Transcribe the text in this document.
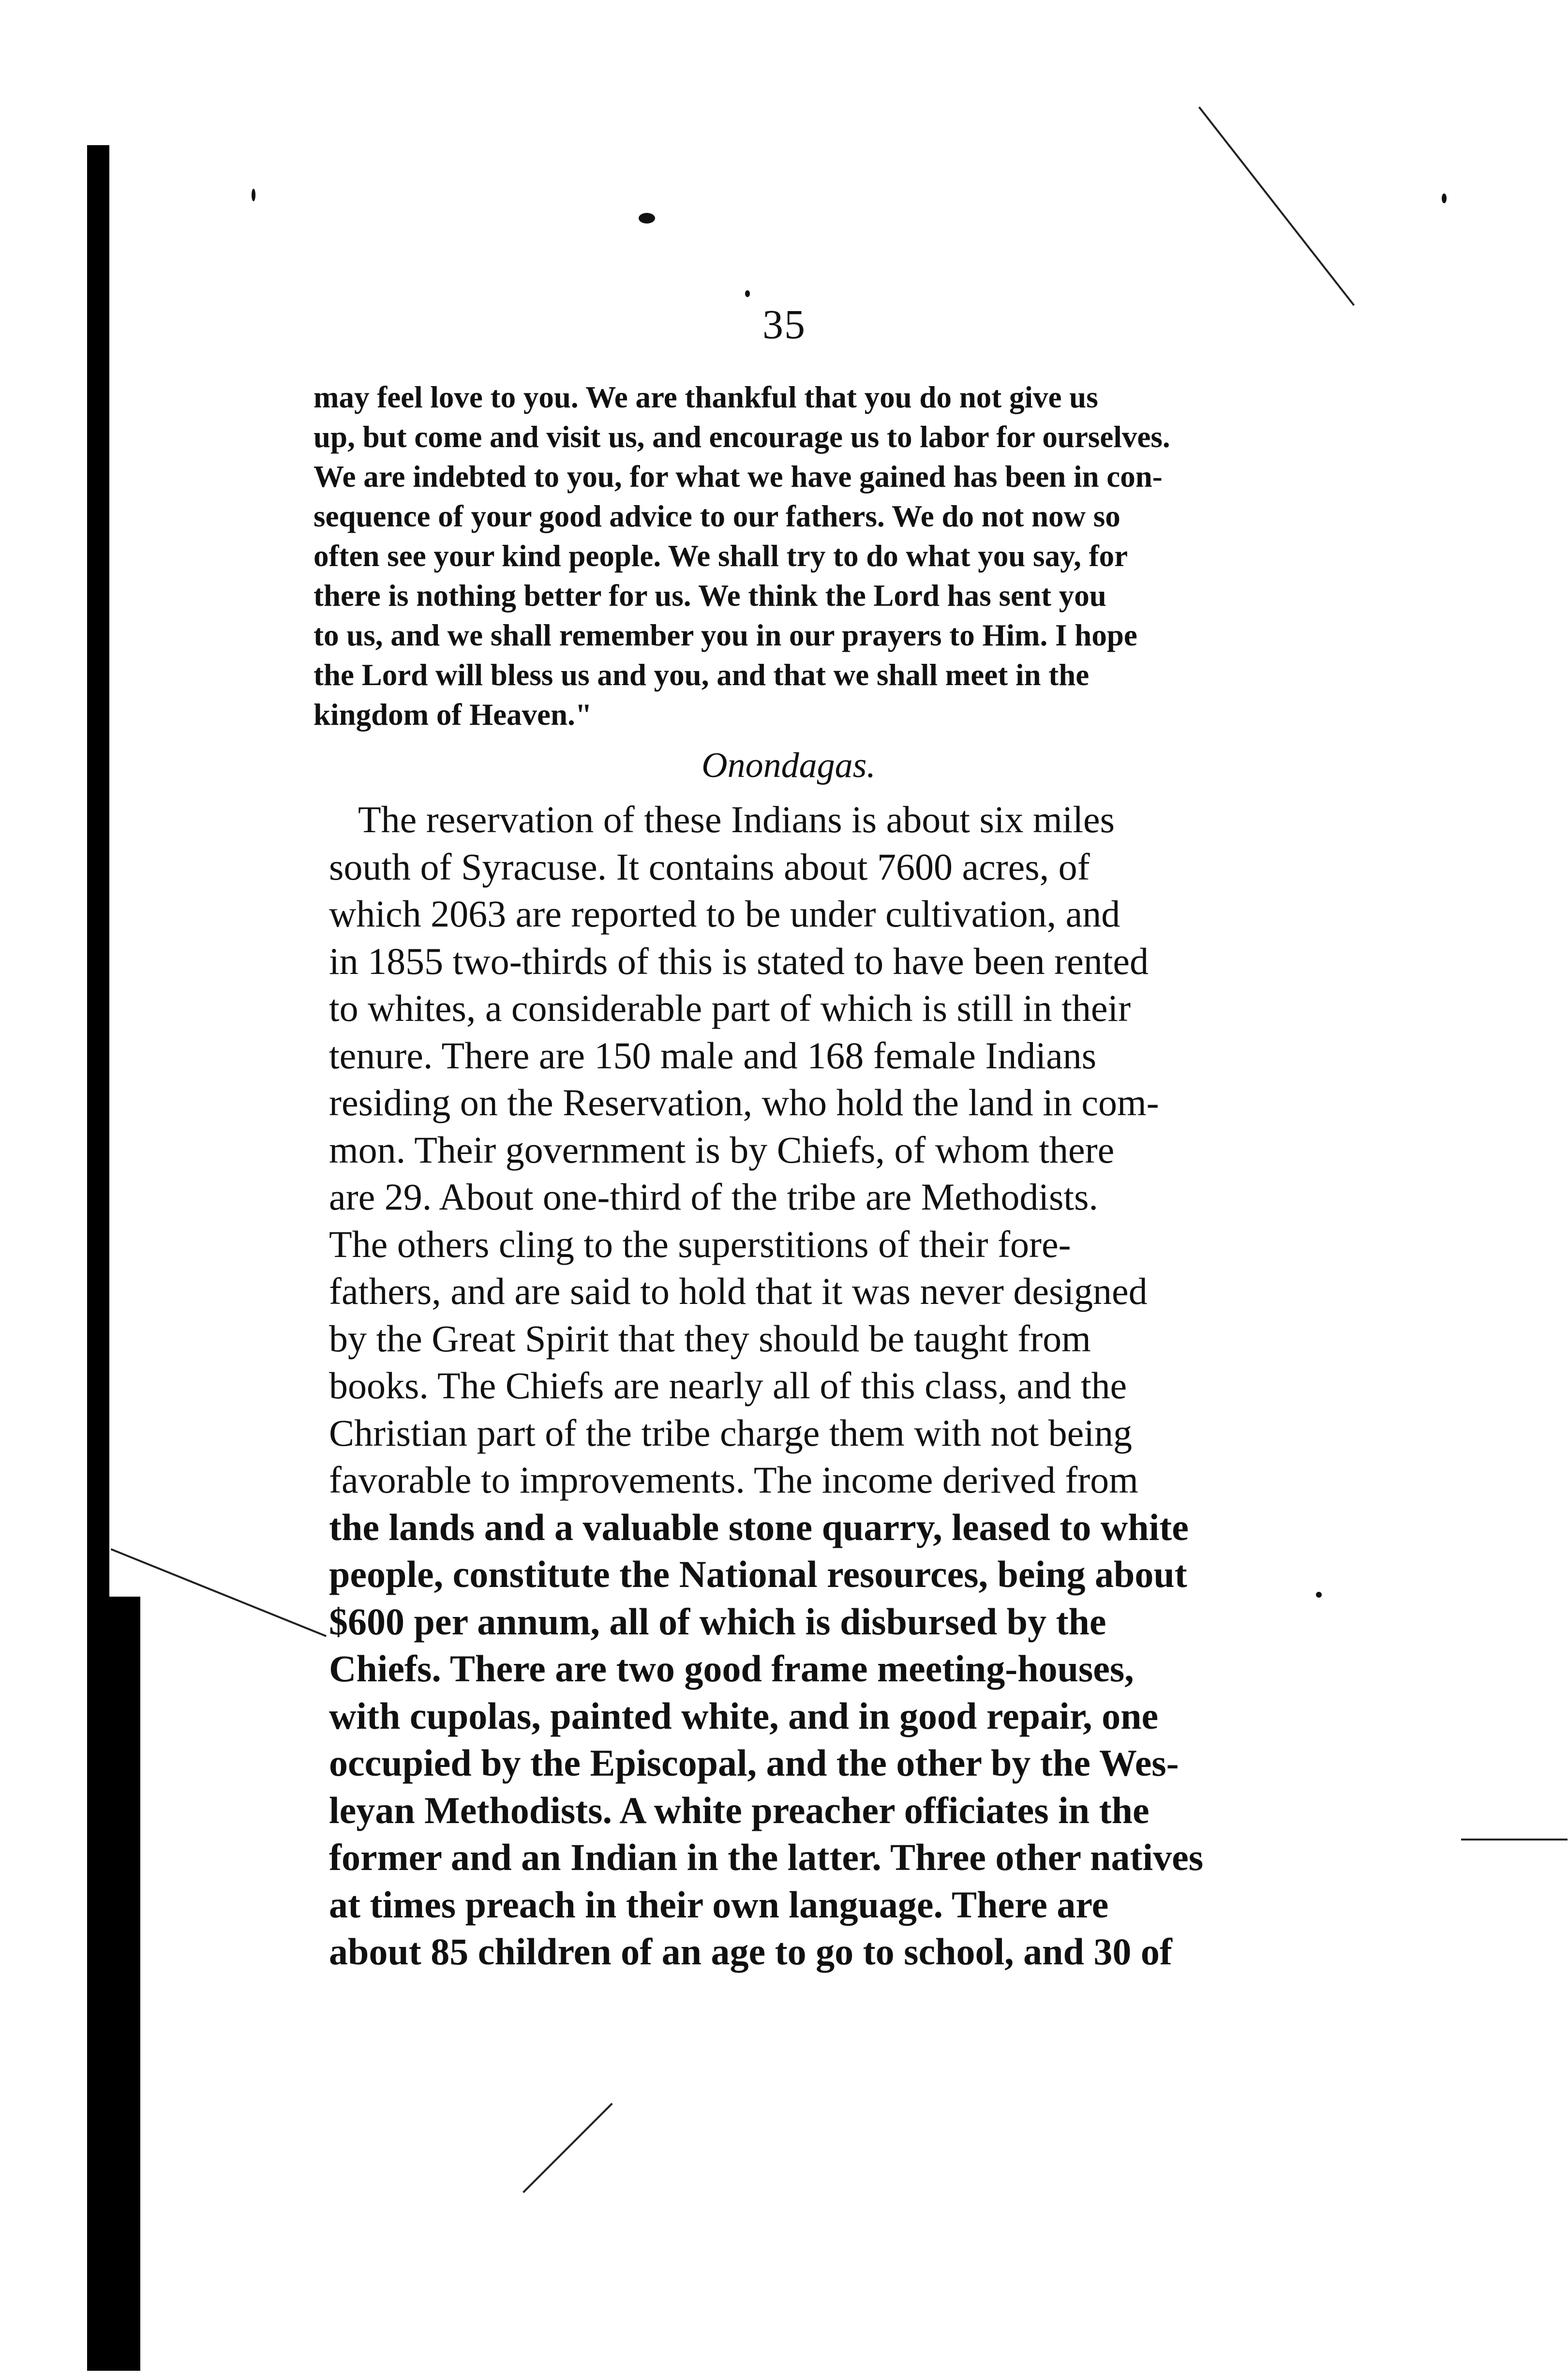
35
may feel love to you. We are thankful that you do not give us
up, but come and visit us, and encourage us to labor for ourselves.
We are indebted to you, for what we have gained has been in con-
sequence of your good advice to our fathers. We do not now so
often see your kind people. We shall try to do what you say, for
there is nothing better for us. We think the Lord has sent you
to us, and we shall remember you in our prayers to Him. I hope
the Lord will bless us and you, and that we shall meet in the
kingdom of Heaven."
Onondagas.
The reservation of these Indians is about six miles
south of Syracuse. It contains about 7600 acres, of
which 2063 are reported to be under cultivation, and
in 1855 two-thirds of this is stated to have been rented
to whites, a considerable part of which is still in their
tenure. There are 150 male and 168 female Indians
residing on the Reservation, who hold the land in com-
mon. Their government is by Chiefs, of whom there
are 29. About one-third of the tribe are Methodists.
The others cling to the superstitions of their fore-
fathers, and are said to hold that it was never designed
by the Great Spirit that they should be taught from
books. The Chiefs are nearly all of this class, and the
Christian part of the tribe charge them with not being
favorable to improvements. The income derived from
the lands and a valuable stone quarry, leased to white
people, constitute the National resources, being about
$600 per annum, all of which is disbursed by the
Chiefs. There are two good frame meeting-houses,
with cupolas, painted white, and in good repair, one
occupied by the Episcopal, and the other by the Wes-
leyan Methodists. A white preacher officiates in the
former and an Indian in the latter. Three other natives
at times preach in their own language. There are
about 85 children of an age to go to school, and 30 of
